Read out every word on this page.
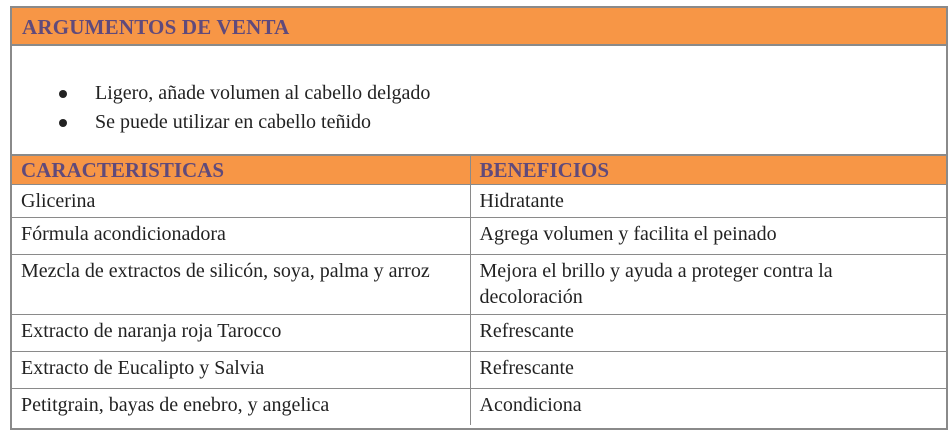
ARGUMENTOS DE VENTA
Ligero, añade volumen al cabello delgado
Se puede utilizar en cabello teñido
CARACTERISTICAS	BENEFICIOS
Glicerina	Hidratante
Fórmula acondicionadora	Agrega volumen y facilita el peinado
Mezcla de extractos de silicón, soya, palma y arroz	Mejora el brillo y ayuda a proteger contra la decoloración
Extracto de naranja roja Tarocco	Refrescante
Extracto de Eucalipto y Salvia	Refrescante
Petitgrain, bayas de enebro, y angelica	Acondiciona
